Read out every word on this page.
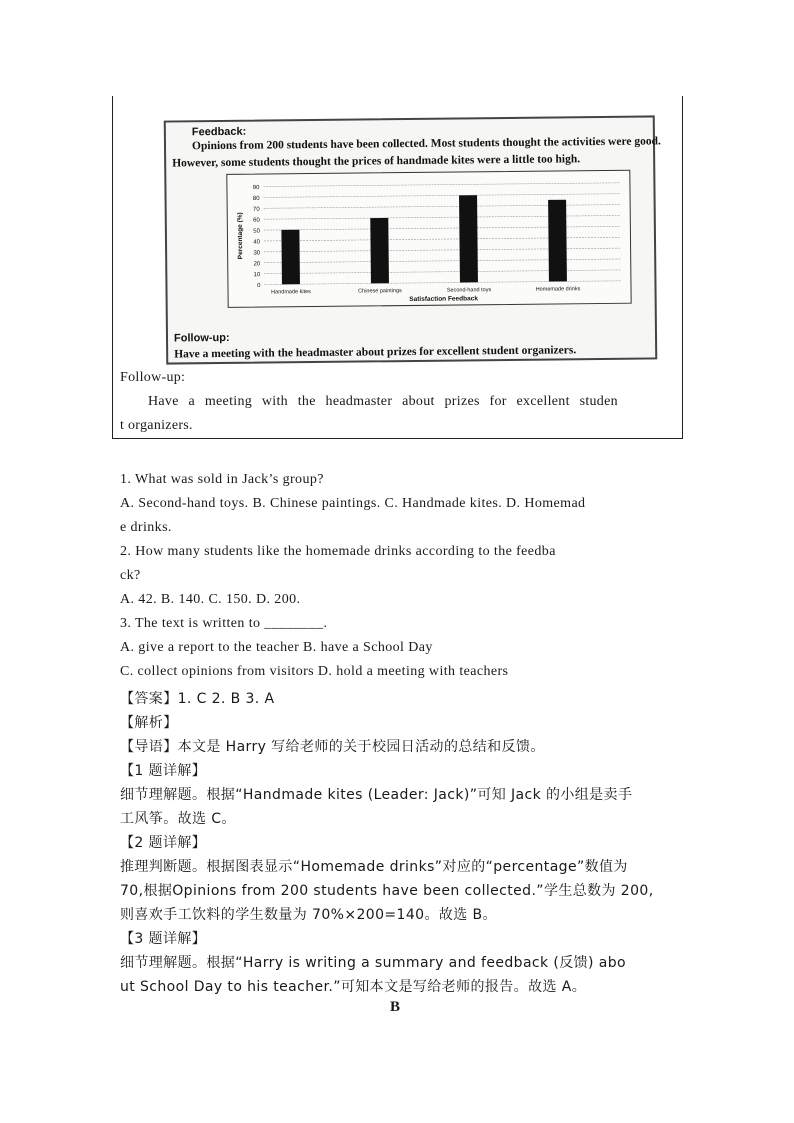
Feedback:
Opinions from 200 students have been collected. Most students thought the activities were good.
However, some students thought the prices of handmade kites were a little too high.
0
10
20
30
40
50
60
70
80
90
Percentage (%)
Handmade kites	Chinese paintings	Second-hand toys	Homemade drinks
Satisfaction Feedback
Follow-up:
Have a meeting with the headmaster about prizes for excellent student organizers.
Follow-up:
Have a meeting with the headmaster about prizes for excellent studen
t organizers.
1. What was sold in Jack’s group?
A. Second-hand toys. B. Chinese paintings. C. Handmade kites. D. Homemad
e drinks.
2. How many students like the homemade drinks according to the feedba
ck?
A. 42. B. 140. C. 150. D. 200.
3. The text is written to ________.
A. give a report to the teacher B. have a School Day
C. collect opinions from visitors D. hold a meeting with teachers
【答案】1. C 2. B 3. A
【解析】
【导语】本文是 Harry 写给老师的关于校园日活动的总结和反馈。
【1 题详解】
细节理解题。根据“Handmade kites (Leader: Jack)”可知 Jack 的小组是卖手
工风筝。故选 C。
【2 题详解】
推理判断题。根据图表显示“Homemade drinks”对应的“percentage”数值为
70,根据Opinions from 200 students have been collected.”学生总数为 200,
则喜欢手工饮料的学生数量为 70%×200=140。故选 B。
【3 题详解】
细节理解题。根据“Harry is writing a summary and feedback (反馈) abo
ut School Day to his teacher.”可知本文是写给老师的报告。故选 A。
B
